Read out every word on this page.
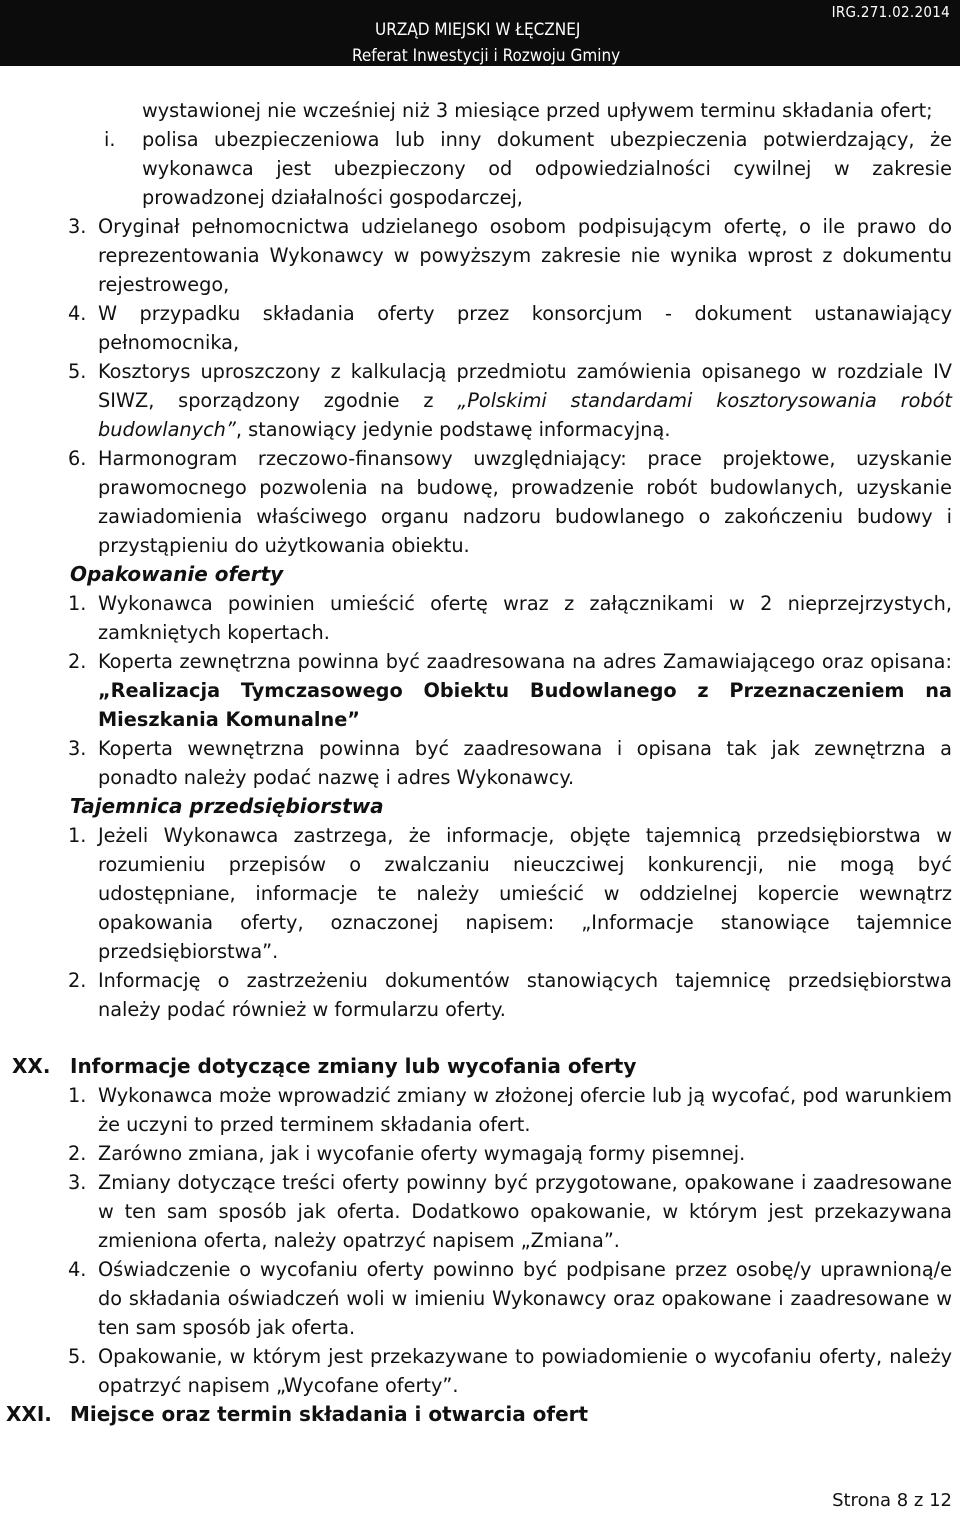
IRG.271.02.2014
URZĄD MIEJSKI W ŁĘCZNEJ
Referat Inwestycji i Rozwoju Gminy

wystawionej nie wcześniej niż 3 miesiące przed upływem terminu składania ofert;

i. polisa ubezpieczeniowa lub inny dokument ubezpieczenia potwierdzający, że wykonawca jest ubezpieczony od odpowiedzialności cywilnej w zakresie prowadzonej działalności gospodarczej,
3. Oryginał pełnomocnictwa udzielanego osobom podpisującym ofertę, o ile prawo do reprezentowania Wykonawcy w powyższym zakresie nie wynika wprost z dokumentu rejestrowego,
4. W przypadku składania oferty przez konsorcjum - dokument ustanawiający pełnomocnika,
5. Kosztorys uproszczony z kalkulacją przedmiotu zamówienia opisanego w rozdziale IV SIWZ, sporządzony zgodnie z „Polskimi standardami kosztorysowania robót budowlanych”, stanowiący jedynie podstawę informacyjną.
6. Harmonogram rzeczowo-finansowy uwzględniający: prace projektowe, uzyskanie prawomocnego pozwolenia na budowę, prowadzenie robót budowlanych, uzyskanie zawiadomienia właściwego organu nadzoru budowlanego o zakończeniu budowy i przystąpieniu do użytkowania obiektu.

Opakowanie oferty

1. Wykonawca powinien umieścić ofertę wraz z załącznikami w 2 nieprzejrzystych, zamkniętych kopertach.
2. Koperta zewnętrzna powinna być zaadresowana na adres Zamawiającego oraz opisana: „Realizacja Tymczasowego Obiektu Budowlanego z Przeznaczeniem na Mieszkania Komunalne”
3. Koperta wewnętrzna powinna być zaadresowana i opisana tak jak zewnętrzna a ponadto należy podać nazwę i adres Wykonawcy.

Tajemnica przedsiębiorstwa

1. Jeżeli Wykonawca zastrzega, że informacje, objęte tajemnicą przedsiębiorstwa w rozumieniu przepisów o zwalczaniu nieuczciwej konkurencji, nie mogą być udostępniane, informacje te należy umieścić w oddzielnej kopercie wewnątrz opakowania oferty, oznaczonej napisem: „Informacje stanowiące tajemnice przedsiębiorstwa”.
2. Informację o zastrzeżeniu dokumentów stanowiących tajemnicę przedsiębiorstwa należy podać również w formularzu oferty.
XX. Informacje dotyczące zmiany lub wycofania oferty
1. Wykonawca może wprowadzić zmiany w złożonej ofercie lub ją wycofać, pod warunkiem że uczyni to przed terminem składania ofert.
2. Zarówno zmiana, jak i wycofanie oferty wymagają formy pisemnej.
3. Zmiany dotyczące treści oferty powinny być przygotowane, opakowane i zaadresowane w ten sam sposób jak oferta. Dodatkowo opakowanie, w którym jest przekazywana zmieniona oferta, należy opatrzyć napisem „Zmiana”.
4. Oświadczenie o wycofaniu oferty powinno być podpisane przez osobę/y uprawnioną/e do składania oświadczeń woli w imieniu Wykonawcy oraz opakowane i zaadresowane w ten sam sposób jak oferta.
5. Opakowanie, w którym jest przekazywane to powiadomienie o wycofaniu oferty, należy opatrzyć napisem „Wycofane oferty”.
XXI. Miejsce oraz termin składania i otwarcia ofert
Strona 8 z 12
